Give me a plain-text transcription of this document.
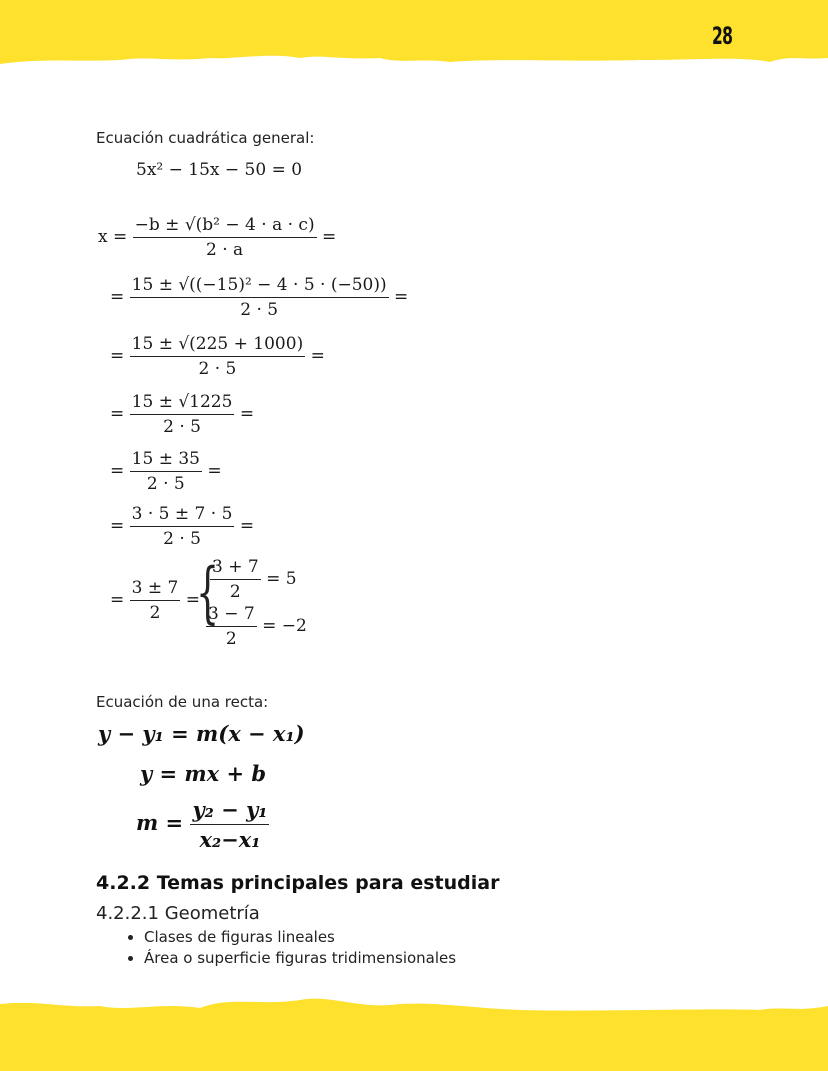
28
Ecuación cuadrática general:
5x² − 15x − 50 = 0
$x = \frac{\text{−b ± √(b² − 4 · a · c)}}{2 \cdot a}$ =
= $\frac{\text{15 ± √((−15)² − 4 · 5 · (−50))}}{2 \cdot 5}$ =
= $\frac{15 \pm √(225 + 1000)}{2 \cdot 5}$ =
= $\frac{15 \pm √1225}{2 \cdot 5}$ =
= $\frac{15 \pm 35}{2 \cdot 5}$ =
= $\frac{3 \cdot 5 \pm 7 \cdot 5}{2 \cdot 5}$ =
= $\frac{3 \pm 7}{2}$ =
{
$\frac{3 + 7}{2} = 5$
$\frac{3 - 7}{2} = -2$
Ecuación de una recta:
y − y₁ = m(x − x₁)
y = mx + b
$m = \frac{\text{y₂ − y₁}}{\text{x₂−x₁}}$
4.2.2 Temas principales para estudiar
4.2.2.1 Geometría
• Clases de figuras lineales
• Área o superficie figuras tridimensionales
